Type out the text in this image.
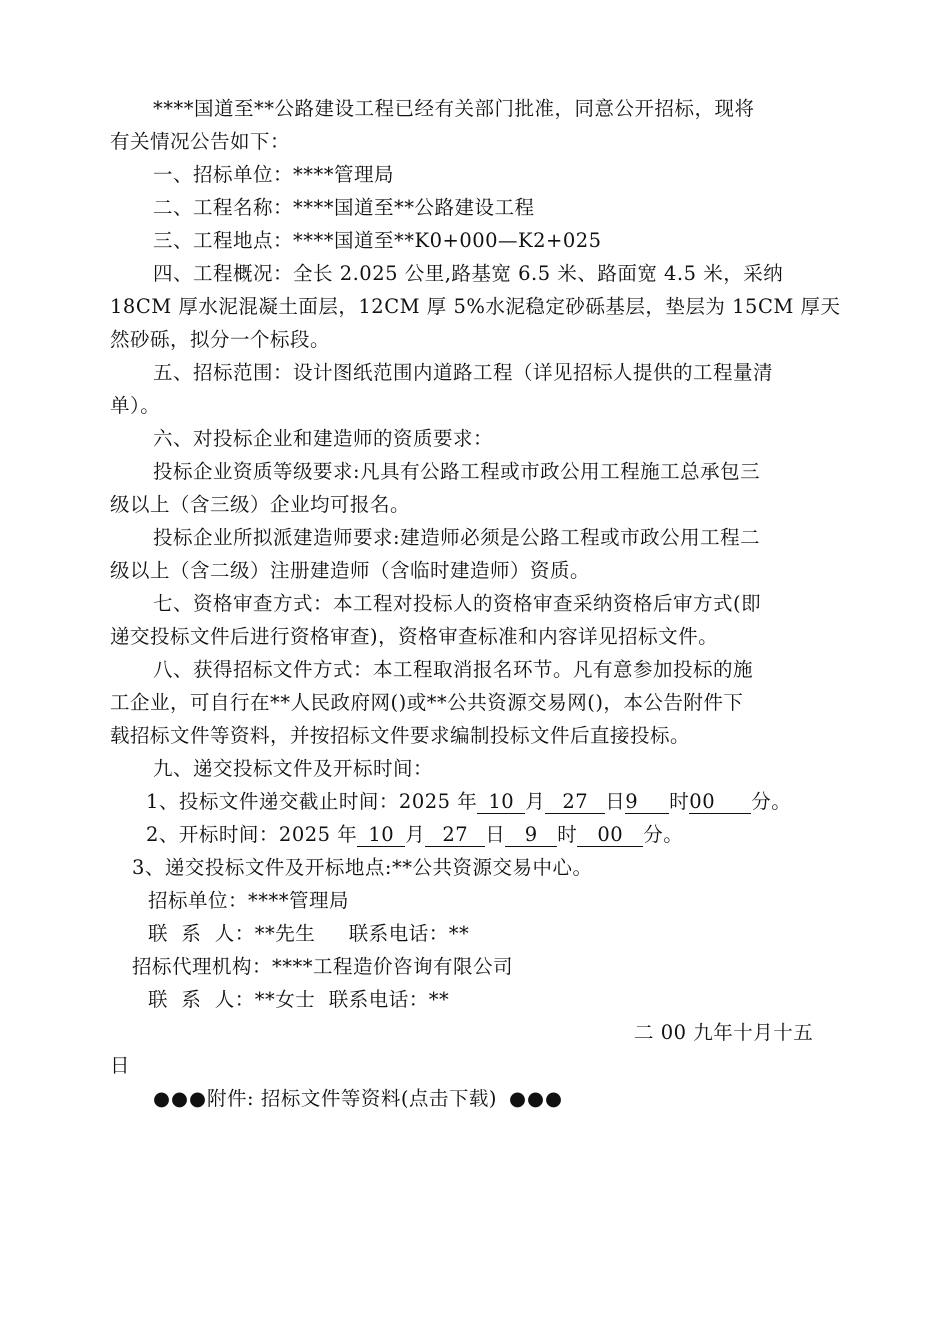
****国道至**公路建设工程已经有关部门批准，同意公开招标，现将
有关情况公告如下：
一、招标单位：****管理局
二、工程名称：****国道至**公路建设工程
三、工程地点：****国道至**K0+000—K2+025
四、工程概况：全长 2.025 公里,路基宽 6.5 米、路面宽 4.5 米，采纳
18CM 厚水泥混凝土面层，12CM 厚 5%水泥稳定砂砾基层，垫层为 15CM 厚天
然砂砾，拟分一个标段。
五、招标范围：设计图纸范围内道路工程（详见招标人提供的工程量清
单）。
六、对投标企业和建造师的资质要求：
投标企业资质等级要求:凡具有公路工程或市政公用工程施工总承包三
级以上（含三级）企业均可报名。
投标企业所拟派建造师要求:建造师必须是公路工程或市政公用工程二
级以上（含二级）注册建造师（含临时建造师）资质。
七、资格审查方式：本工程对投标人的资格审查采纳资格后审方式(即
递交投标文件后进行资格审查)，资格审查标准和内容详见招标文件。
八、获得招标文件方式：本工程取消报名环节。凡有意参加投标的施
工企业，可自行在**人民政府网()或**公共资源交易网()，本公告附件下
载招标文件等资料，并按招标文件要求编制投标文件后直接投标。
九、递交投标文件及开标时间：
1、投标文件递交截止时间：2025 年 10 月 27 日9 时00 分。
2、开标时间：2025 年 10 月 27 日 9 时 00 分。
3、递交投标文件及开标地点:**公共资源交易中心。
招标单位：****管理局
联  系  人：**先生     联系电话：**
招标代理机构：****工程造价咨询有限公司
联  系  人：**女士  联系电话：**
二 00 九年十月十五
日
●●●附件: 招标文件等资料(点击下载) ●●●
